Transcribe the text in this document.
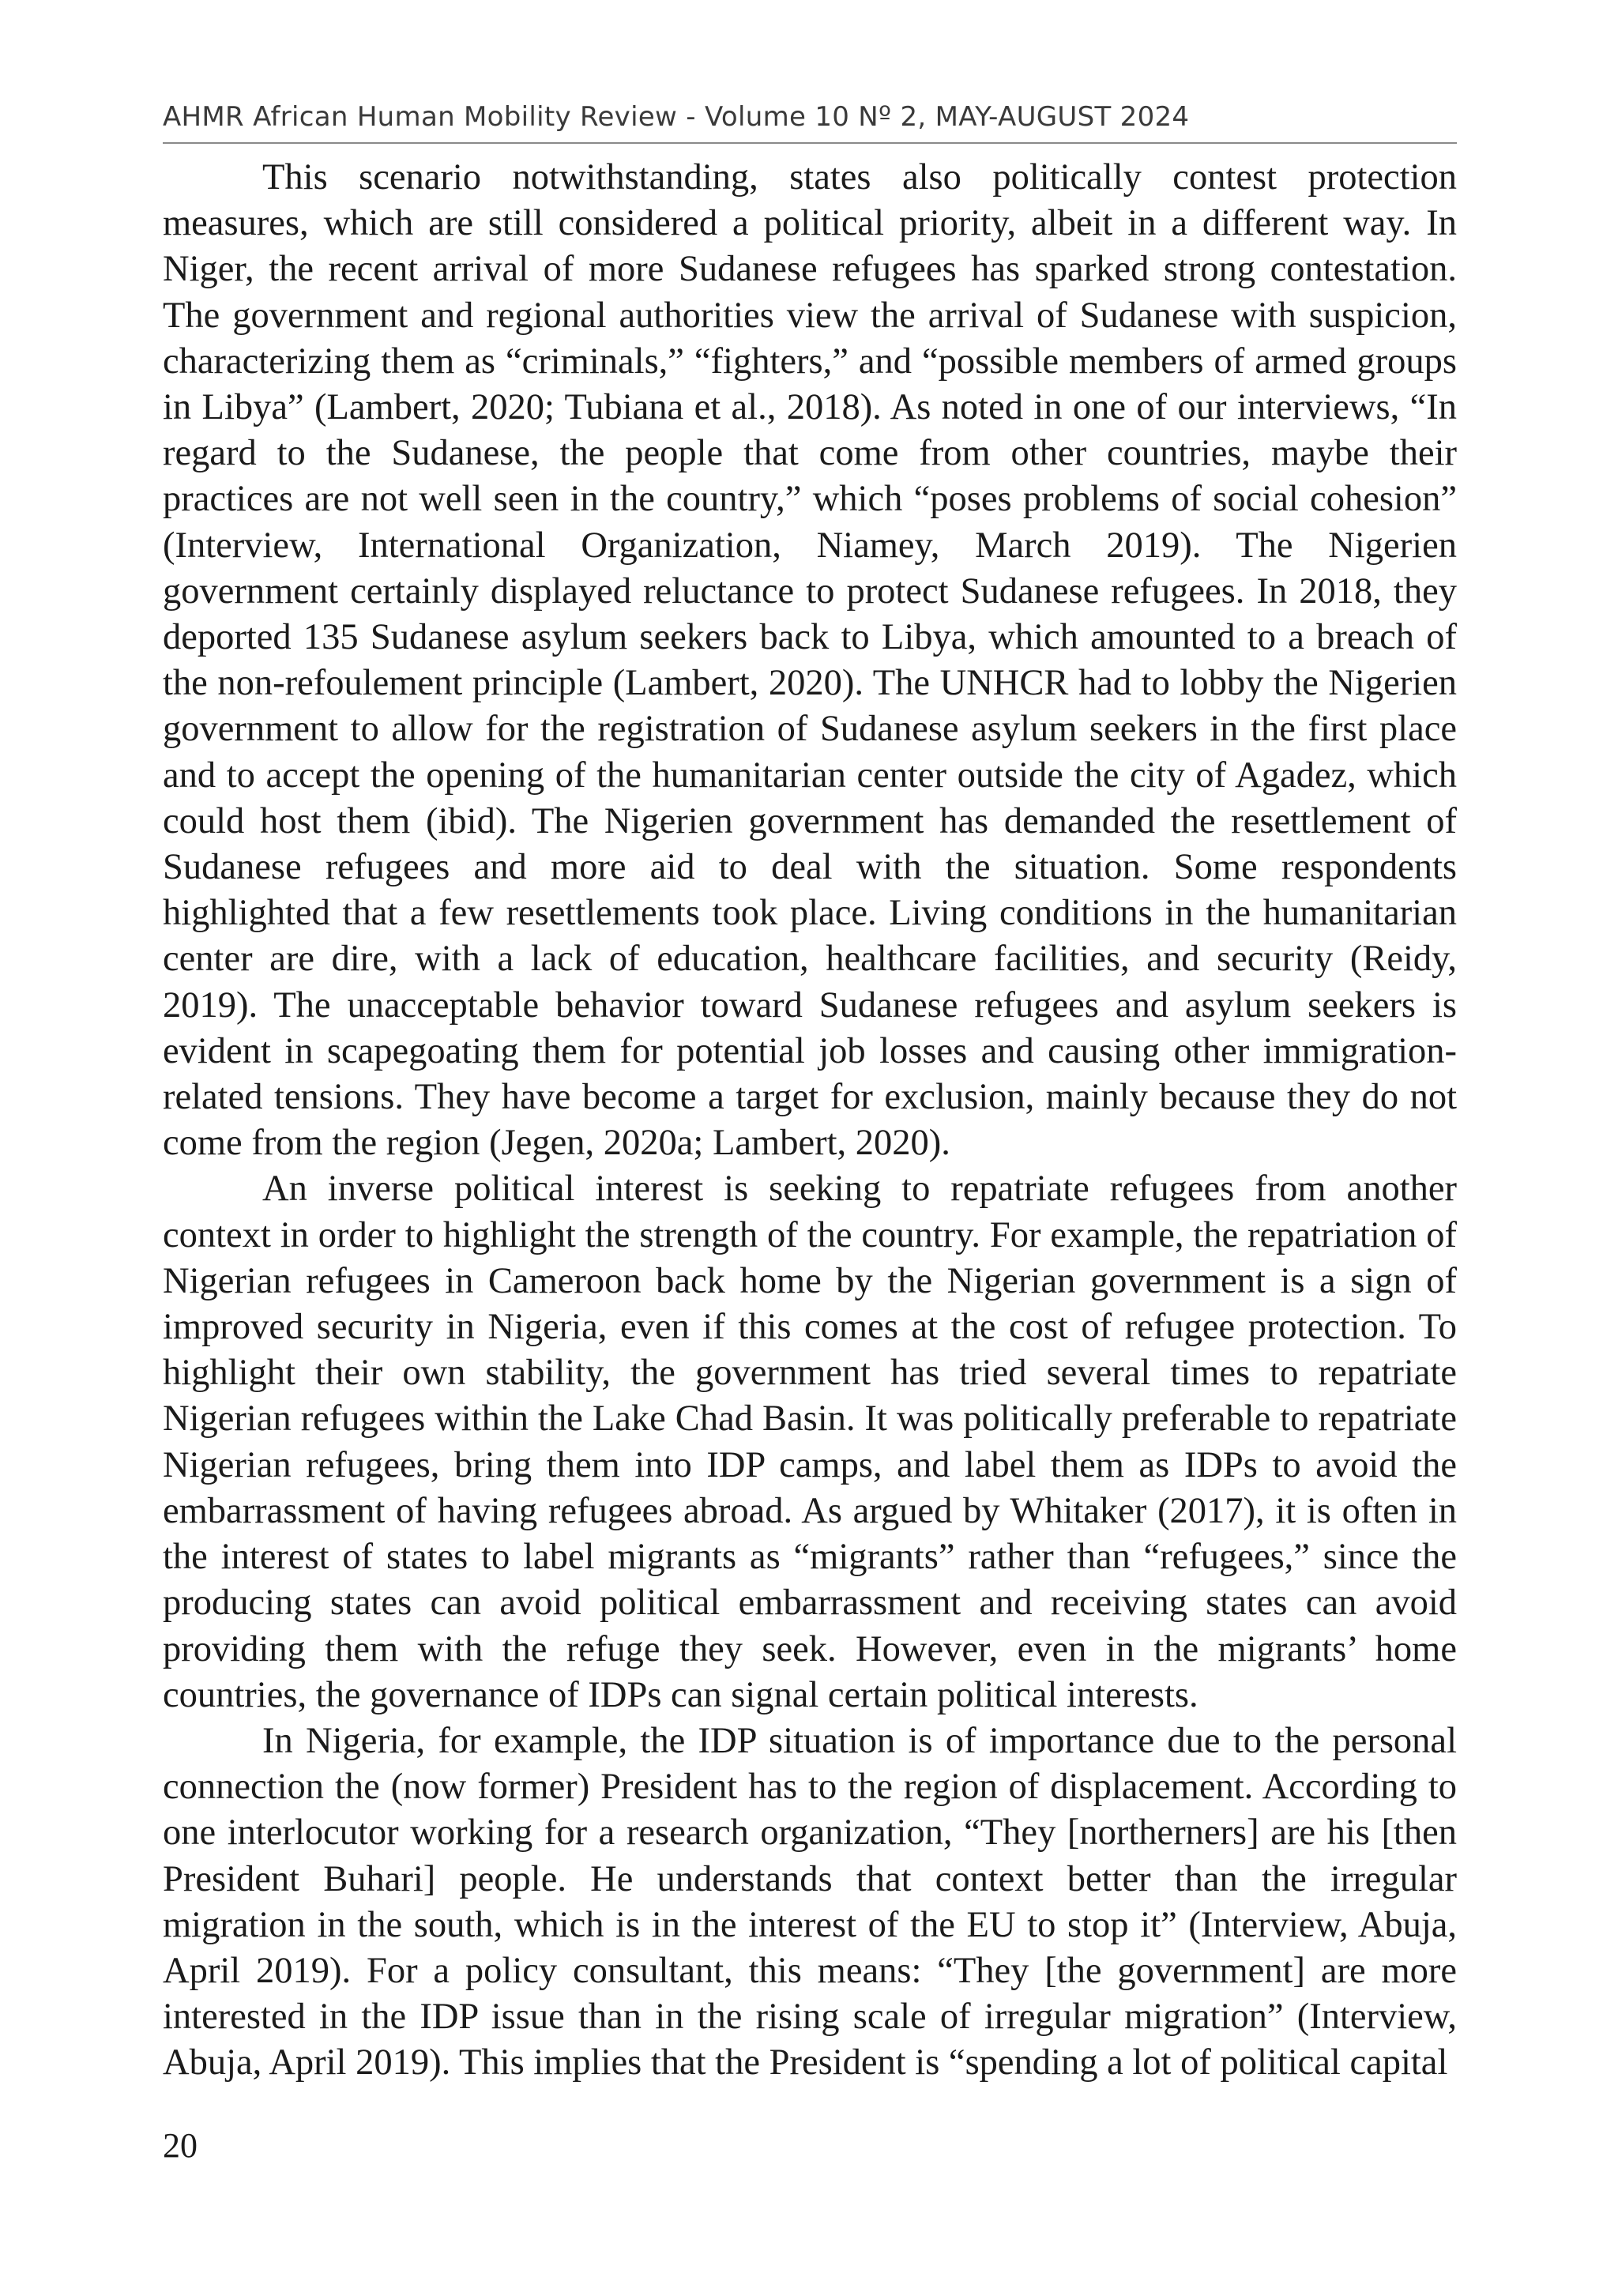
AHMR African Human Mobility Review - Volume 10 Nº 2, MAY-AUGUST 2024

This scenario notwithstanding, states also politically contest protection measures, which are still considered a political priority, albeit in a different way. In Niger, the recent arrival of more Sudanese refugees has sparked strong contestation. The government and regional authorities view the arrival of Sudanese with suspicion, characterizing them as “criminals,” “fighters,” and “possible members of armed groups in Libya” (Lambert, 2020; Tubiana et al., 2018). As noted in one of our interviews, “In regard to the Sudanese, the people that come from other countries, maybe their practices are not well seen in the country,” which “poses problems of social cohesion” (Interview, International Organization, Niamey, March 2019). The Nigerien government certainly displayed reluctance to protect Sudanese refugees. In 2018, they deported 135 Sudanese asylum seekers back to Libya, which amounted to a breach of the non-refoulement principle (Lambert, 2020). The UNHCR had to lobby the Nigerien government to allow for the registration of Sudanese asylum seekers in the first place and to accept the opening of the humanitarian center outside the city of Agadez, which could host them (ibid). The Nigerien government has demanded the resettlement of Sudanese refugees and more aid to deal with the situation. Some respondents highlighted that a few resettlements took place. Living conditions in the humanitarian center are dire, with a lack of education, healthcare facilities, and security (Reidy, 2019). The unacceptable behavior toward Sudanese refugees and asylum seekers is evident in scapegoating them for potential job losses and causing other immigration-related tensions. They have become a target for exclusion, mainly because they do not come from the region (Jegen, 2020a; Lambert, 2020).

An inverse political interest is seeking to repatriate refugees from another context in order to highlight the strength of the country. For example, the repatriation of Nigerian refugees in Cameroon back home by the Nigerian government is a sign of improved security in Nigeria, even if this comes at the cost of refugee protection. To highlight their own stability, the government has tried several times to repatriate Nigerian refugees within the Lake Chad Basin. It was politically preferable to repatriate Nigerian refugees, bring them into IDP camps, and label them as IDPs to avoid the embarrassment of having refugees abroad. As argued by Whitaker (2017), it is often in the interest of states to label migrants as “migrants” rather than “refugees,” since the producing states can avoid political embarrassment and receiving states can avoid providing them with the refuge they seek. However, even in the migrants’ home countries, the governance of IDPs can signal certain political interests.

In Nigeria, for example, the IDP situation is of importance due to the personal connection the (now former) President has to the region of displacement. According to one interlocutor working for a research organization, “They [northerners] are his [then President Buhari] people. He understands that context better than the irregular migration in the south, which is in the interest of the EU to stop it” (Interview, Abuja, April 2019). For a policy consultant, this means: “They [the government] are more interested in the IDP issue than in the rising scale of irregular migration” (Interview, Abuja, April 2019). This implies that the President is “spending a lot of political capital

20
